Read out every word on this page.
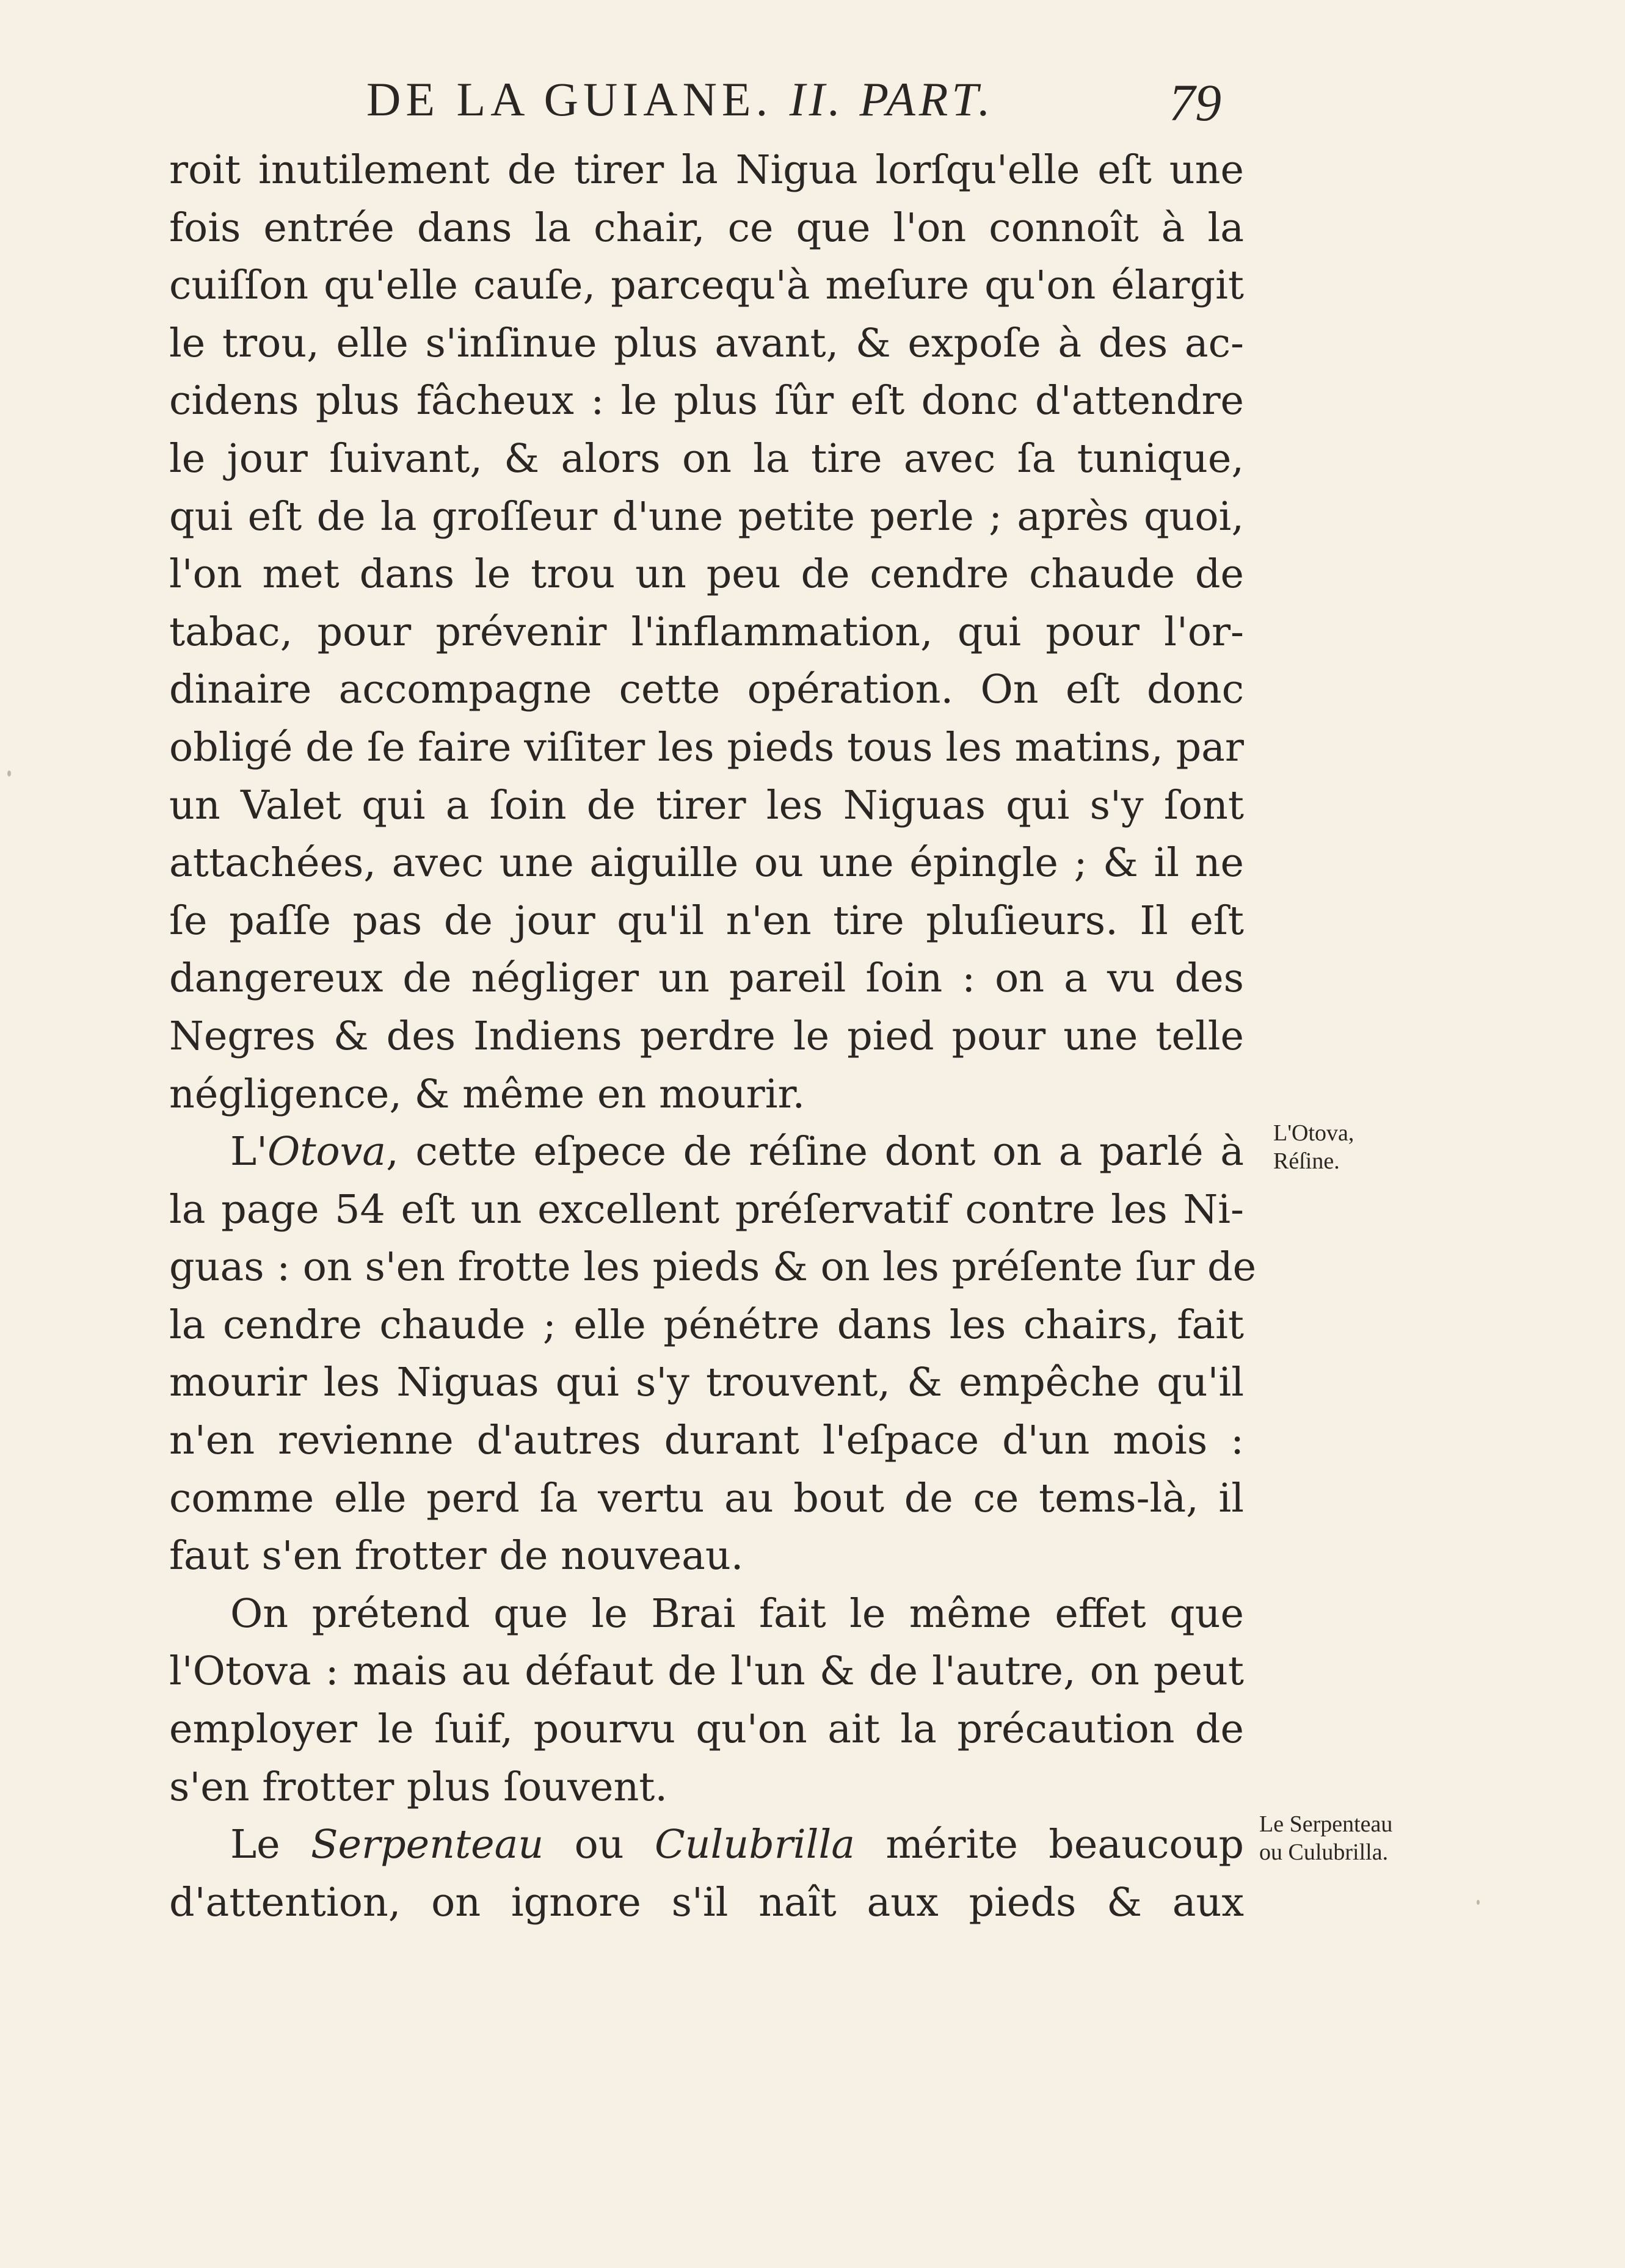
DE LA GUIANE. II. PART.	79
roit inutilement de tirer la Nigua lorſqu'elle eſt une
fois entrée dans la chair, ce que l'on connoît à la
cuiſſon qu'elle cauſe, parcequ'à meſure qu'on élargit
le trou, elle s'inſinue plus avant, & expoſe à des ac-
cidens plus fâcheux : le plus ſûr eſt donc d'attendre
le jour ſuivant, & alors on la tire avec ſa tunique,
qui eſt de la groſſeur d'une petite perle ; après quoi,
l'on met dans le trou un peu de cendre chaude de
tabac, pour prévenir l'inflammation, qui pour l'or-
dinaire accompagne cette opération. On eſt donc
obligé de ſe faire viſiter les pieds tous les matins, par
un Valet qui a ſoin de tirer les Niguas qui s'y ſont
attachées, avec une aiguille ou une épingle ; & il ne
ſe paſſe pas de jour qu'il n'en tire pluſieurs. Il eſt
dangereux de négliger un pareil ſoin : on a vu des
Negres & des Indiens perdre le pied pour une telle
négligence, & même en mourir.
L'Otova, cette eſpece de réſine dont on a parlé à
la page 54 eſt un excellent préſervatif contre les Ni-
guas : on s'en frotte les pieds & on les préſente ſur de
la cendre chaude ; elle pénétre dans les chairs, fait
mourir les Niguas qui s'y trouvent, & empêche qu'il
n'en revienne d'autres durant l'eſpace d'un mois :
comme elle perd ſa vertu au bout de ce tems-là, il
faut s'en frotter de nouveau.
On prétend que le Brai fait le même effet que
l'Otova : mais au défaut de l'un & de l'autre, on peut
employer le ſuif, pourvu qu'on ait la précaution de
s'en frotter plus ſouvent.
Le Serpenteau ou Culubrilla mérite beaucoup
d'attention, on ignore s'il naît aux pieds & aux
L'Otova,
Réſine.
Le Serpenteau
ou Culubrilla.
